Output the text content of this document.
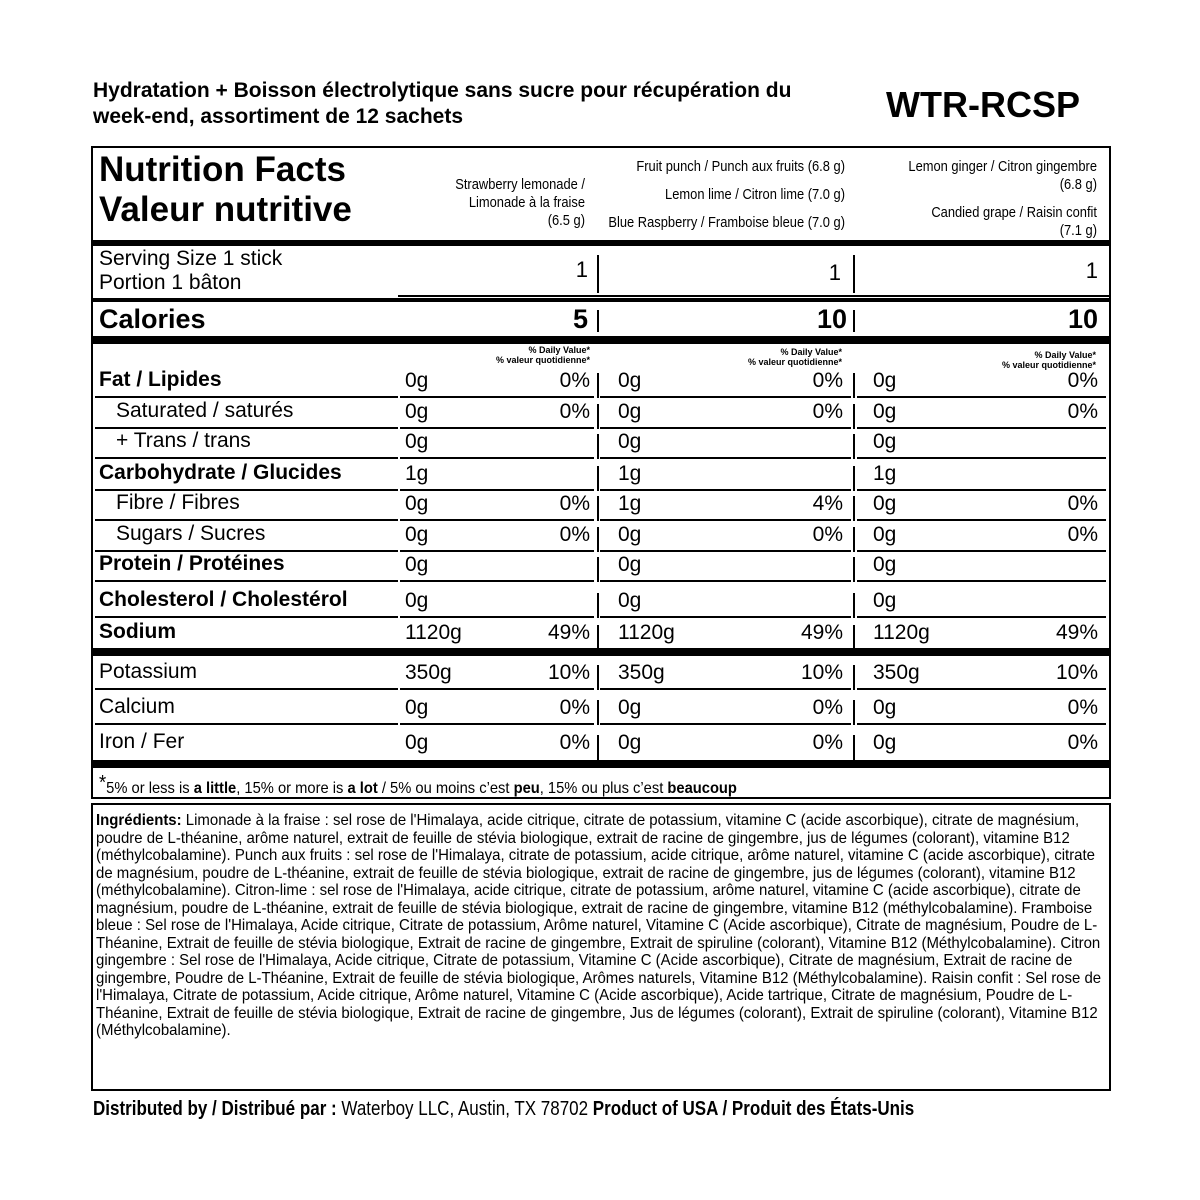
Hydratation + Boisson électrolytique sans sucre pour récupération du week-end, assortiment de 12 sachets	WTR-RCSP
Nutrition Facts
Valeur nutritive
Strawberry lemonade /
Limonade à la fraise
(6.5 g)
Fruit punch / Punch aux fruits (6.8 g)
Lemon lime / Citron lime (7.0 g)
Blue Raspberry / Framboise bleue (7.0 g)
Lemon ginger / Citron gingembre
(6.8 g)
Candied grape / Raisin confit
(7.1 g)
Serving Size 1 stick
Portion 1 bâton
1	1	1
Calories	5	10	10
% Daily Value*
% valeur quotidienne*
% Daily Value*
% valeur quotidienne*
% Daily Value*
% valeur quotidienne*
Fat / Lipides	0g	0% 0g	0% 0g	0%
Saturated / saturés	0g	0% 0g	0% 0g	0%
+ Trans / trans	0g	0g	0g
Carbohydrate / Glucides	1g	1g	1g
Fibre / Fibres	0g	0% 1g	4% 0g	0%
Sugars / Sucres	0g	0% 0g	0% 0g	0%
Protein / Protéines	0g	0g	0g
Cholesterol / Cholestérol	0g	0g	0g
Sodium	1120g	49% 1120g	49% 1120g	49%
Potassium	350g	10% 350g	10% 350g	10%
Calcium	0g	0% 0g	0% 0g	0%
Iron / Fer	0g	0% 0g	0% 0g	0%
*5% or less is a little, 15% or more is a lot / 5% ou moins c’est peu, 15% ou plus c’est beaucoup
Ingrédients: Limonade à la fraise : sel rose de l'Himalaya, acide citrique, citrate de potassium, vitamine C (acide ascorbique), citrate de magnésium, poudre de L-théanine, arôme naturel, extrait de feuille de stévia biologique, extrait de racine de gingembre, jus de légumes (colorant), vitamine B12 (méthylcobalamine). Punch aux fruits : sel rose de l'Himalaya, citrate de potassium, acide citrique, arôme naturel, vitamine C (acide ascorbique), citrate de magnésium, poudre de L-théanine, extrait de feuille de stévia biologique, extrait de racine de gingembre, jus de légumes (colorant), vitamine B12 (méthylcobalamine). Citron-lime : sel rose de l'Himalaya, acide citrique, citrate de potassium, arôme naturel, vitamine C (acide ascorbique), citrate de magnésium, poudre de L-théanine, extrait de feuille de stévia biologique, extrait de racine de gingembre, vitamine B12 (méthylcobalamine). Framboise bleue : Sel rose de l'Himalaya, Acide citrique, Citrate de potassium, Arôme naturel, Vitamine C (Acide ascorbique), Citrate de magnésium, Poudre de L-Théanine, Extrait de feuille de stévia biologique, Extrait de racine de gingembre, Extrait de spiruline (colorant), Vitamine B12 (Méthylcobalamine). Citron gingembre : Sel rose de l'Himalaya, Acide citrique, Citrate de potassium, Vitamine C (Acide ascorbique), Citrate de magnésium, Extrait de racine de gingembre, Poudre de L-Théanine, Extrait de feuille de stévia biologique, Arômes naturels, Vitamine B12 (Méthylcobalamine). Raisin confit : Sel rose de l'Himalaya, Citrate de potassium, Acide citrique, Arôme naturel, Vitamine C (Acide ascorbique), Acide tartrique, Citrate de magnésium, Poudre de L-Théanine, Extrait de feuille de stévia biologique, Extrait de racine de gingembre, Jus de légumes (colorant), Extrait de spiruline (colorant), Vitamine B12 (Méthylcobalamine).
Distributed by / Distribué par : Waterboy LLC, Austin, TX 78702 Product of USA / Produit des États-Unis
